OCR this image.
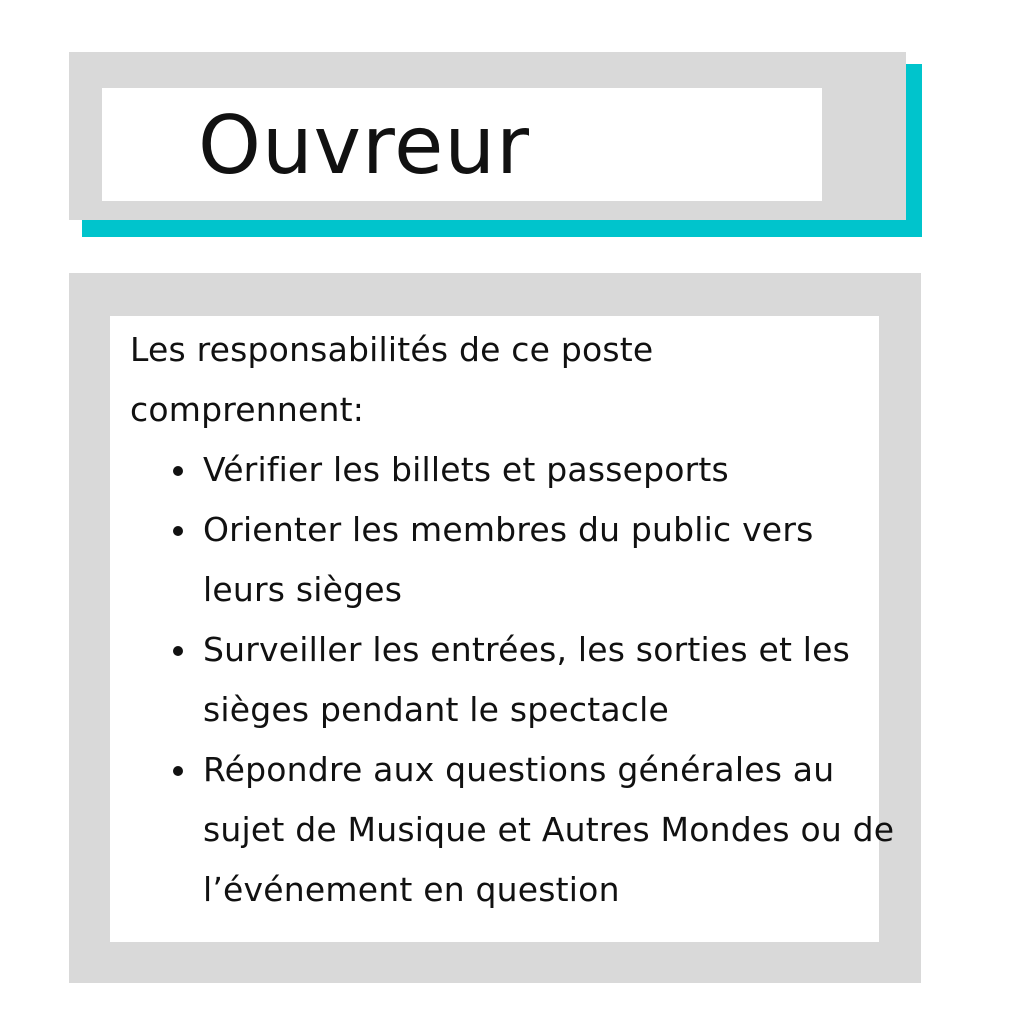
Ouvreur

Les responsabilités de ce poste comprennent:

Vérifier les billets et passeports
Orienter les membres du public vers leurs sièges
Surveiller les entrées, les sorties et les sièges pendant le spectacle
Répondre aux questions générales au sujet de Musique et Autres Mondes ou de l’événement en question
